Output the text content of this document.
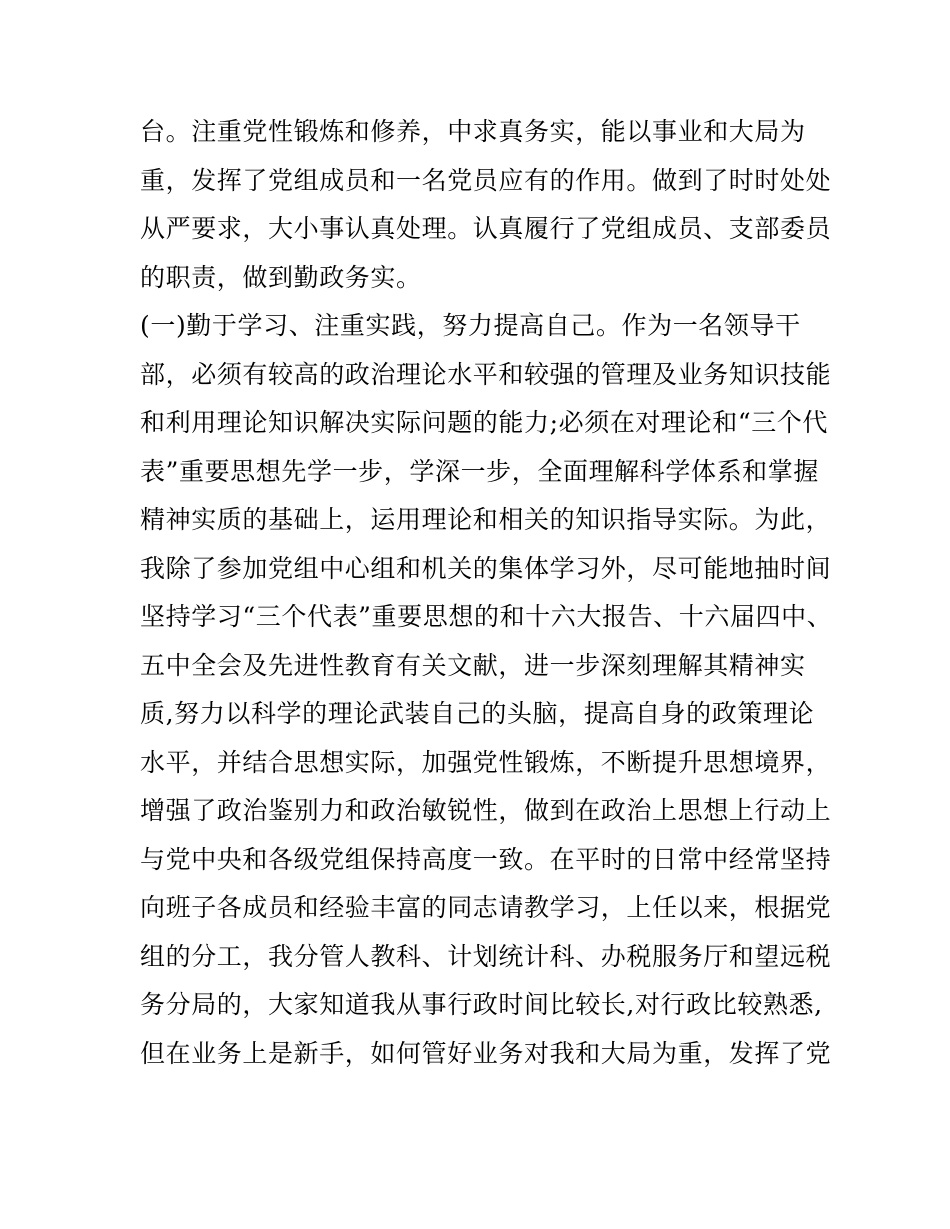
台。注重党性锻炼和修养，中求真务实，能以事业和大局为
重，发挥了党组成员和一名党员应有的作用。做到了时时处处
从严要求，大小事认真处理。认真履行了党组成员、支部委员
的职责，做到勤政务实。
(一)勤于学习、注重实践，努力提高自己。作为一名领导干
部，必须有较高的政治理论水平和较强的管理及业务知识技能
和利用理论知识解决实际问题的能力;必须在对理论和“三个代
表”重要思想先学一步，学深一步，全面理解科学体系和掌握
精神实质的基础上，运用理论和相关的知识指导实际。为此，
我除了参加党组中心组和机关的集体学习外，尽可能地抽时间
坚持学习“三个代表”重要思想的和十六大报告、十六届四中、
五中全会及先进性教育有关文献，进一步深刻理解其精神实
质,努力以科学的理论武装自己的头脑，提高自身的政策理论
水平，并结合思想实际，加强党性锻炼，不断提升思想境界，
增强了政治鉴别力和政治敏锐性，做到在政治上思想上行动上
与党中央和各级党组保持高度一致。在平时的日常中经常坚持
向班子各成员和经验丰富的同志请教学习，上任以来，根据党
组的分工，我分管人教科、计划统计科、办税服务厅和望远税
务分局的，大家知道我从事行政时间比较长,对行政比较熟悉,
但在业务上是新手，如何管好业务对我和大局为重，发挥了党
